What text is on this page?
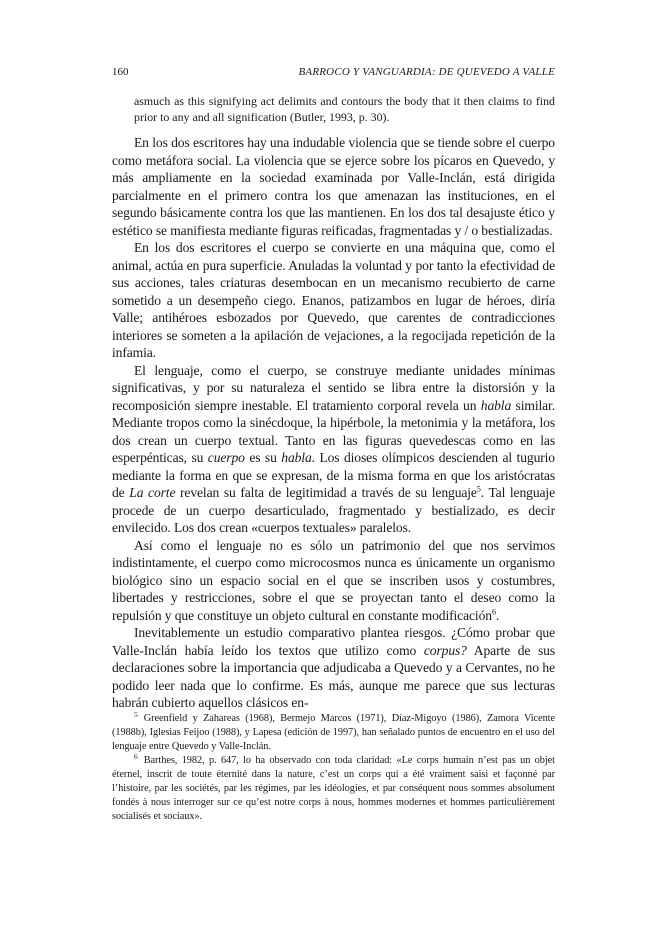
160	BARROCO Y VANGUARDIA: DE QUEVEDO A VALLE

asmuch as this signifying act delimits and contours the body that it then claims to find prior to any and all signification (Butler, 1993, p. 30).

En los dos escritores hay una indudable violencia que se tiende sobre el cuerpo como metáfora social. La violencia que se ejerce sobre los pícaros en Quevedo, y más ampliamente en la sociedad examinada por Valle-Inclán, está dirigida parcialmente en el primero contra los que amenazan las instituciones, en el segundo básicamente contra los que las mantienen. En los dos tal desajuste ético y estético se manifiesta mediante figuras reificadas, fragmentadas y / o bestializadas.

En los dos escritores el cuerpo se convierte en una máquina que, como el animal, actúa en pura superficie. Anuladas la voluntad y por tanto la efectividad de sus acciones, tales criaturas desembocan en un mecanismo recubierto de carne sometido a un desempeño ciego. Enanos, patizambos en lugar de héroes, diría Valle; antihéroes esbozados por Quevedo, que carentes de contradicciones interiores se someten a la apilación de vejaciones, a la regocijada repetición de la infamia.

El lenguaje, como el cuerpo, se construye mediante unidades mínimas significativas, y por su naturaleza el sentido se libra entre la distorsión y la recomposición siempre inestable. El tratamiento corporal revela un habla similar. Mediante tropos como la sinécdoque, la hipérbole, la metonimia y la metáfora, los dos crean un cuerpo textual. Tanto en las figuras quevedescas como en las esperpénticas, su cuerpo es su habla. Los dioses olímpicos descienden al tugurio mediante la forma en que se expresan, de la misma forma en que los aristócratas de La corte revelan su falta de legitimidad a través de su lenguaje$^5$. Tal lenguaje procede de un cuerpo desarticulado, fragmentado y bestializado, es decir envilecido. Los dos crean «cuerpos textuales» paralelos.

Así como el lenguaje no es sólo un patrimonio del que nos servimos indistintamente, el cuerpo como microcosmos nunca es únicamente un organismo biológico sino un espacio social en el que se inscriben usos y costumbres, libertades y restricciones, sobre el que se proyectan tanto el deseo como la repulsión y que constituye un objeto cultural en constante modificación$^6$.

Inevitablemente un estudio comparativo plantea riesgos. ¿Cómo probar que Valle-Inclán había leído los textos que utilizo como corpus? Aparte de sus declaraciones sobre la importancia que adjudicaba a Quevedo y a Cervantes, no he podido leer nada que lo confirme. Es más, aunque me parece que sus lecturas habrán cubierto aquellos clásicos en-

$^5$ Greenfield y Zahareas (1968), Bermejo Marcos (1971), Díaz-Migoyo (1986), Zamora Vicente (1988b), Iglesias Feijoo (1988), y Lapesa (edición de 1997), han señalado puntos de encuentro en el uso del lenguaje entre Quevedo y Valle-Inclán.

$^6$ Barthes, 1982, p. 647, lo ha observado con toda claridad: «Le corps humain n’est pas un objet éternel, inscrit de toute éternité dans la nature, c’est un corps qui a été vraiment saisi et façonné par l’histoire, par les sociétés, par les régimes, par les idéologies, et par conséquent nous sommes absolument fondés à nous interroger sur ce qu’est notre corps à nous, hommes modernes et hommes particulièrement socialisés et sociaux».
